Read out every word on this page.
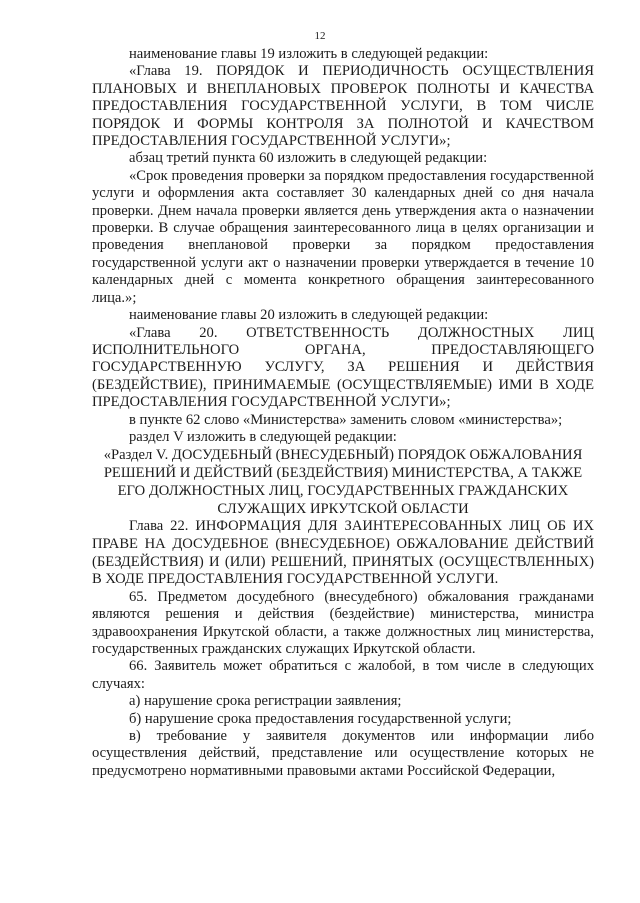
12

наименование главы 19 изложить в следующей редакции:

«Глава 19. ПОРЯДОК И ПЕРИОДИЧНОСТЬ ОСУЩЕСТВЛЕНИЯ ПЛАНОВЫХ И ВНЕПЛАНОВЫХ ПРОВЕРОК ПОЛНОТЫ И КАЧЕСТВА ПРЕДОСТАВЛЕНИЯ ГОСУДАРСТВЕННОЙ УСЛУГИ, В ТОМ ЧИСЛЕ ПОРЯДОК И ФОРМЫ КОНТРОЛЯ ЗА ПОЛНОТОЙ И КАЧЕСТВОМ ПРЕДОСТАВЛЕНИЯ ГОСУДАРСТВЕННОЙ УСЛУГИ»;

абзац третий пункта 60 изложить в следующей редакции:

«Срок проведения проверки за порядком предоставления государственной услуги и оформления акта составляет 30 календарных дней со дня начала проверки. Днем начала проверки является день утверждения акта о назначении проверки. В случае обращения заинтересованного лица в целях организации и проведения внеплановой проверки за порядком предоставления государственной услуги акт о назначении проверки утверждается в течение 10 календарных дней с момента конкретного обращения заинтересованного лица.»;

наименование главы 20 изложить в следующей редакции:

«Глава 20. ОТВЕТСТВЕННОСТЬ ДОЛЖНОСТНЫХ ЛИЦ ИСПОЛНИТЕЛЬНОГО ОРГАНА, ПРЕДОСТАВЛЯЮЩЕГО ГОСУДАРСТВЕННУЮ УСЛУГУ, ЗА РЕШЕНИЯ И ДЕЙСТВИЯ (БЕЗДЕЙСТВИЕ), ПРИНИМАЕМЫЕ (ОСУЩЕСТВЛЯЕМЫЕ) ИМИ В ХОДЕ ПРЕДОСТАВЛЕНИЯ ГОСУДАРСТВЕННОЙ УСЛУГИ»;

в пункте 62 слово «Министерства» заменить словом «министерства»;

раздел V изложить в следующей редакции:

«Раздел V. ДОСУДЕБНЫЙ (ВНЕСУДЕБНЫЙ) ПОРЯДОК ОБЖАЛОВАНИЯ РЕШЕНИЙ И ДЕЙСТВИЙ (БЕЗДЕЙСТВИЯ) МИНИСТЕРСТВА, А ТАКЖЕ ЕГО ДОЛЖНОСТНЫХ ЛИЦ, ГОСУДАРСТВЕННЫХ ГРАЖДАНСКИХ СЛУЖАЩИХ ИРКУТСКОЙ ОБЛАСТИ

Глава 22. ИНФОРМАЦИЯ ДЛЯ ЗАИНТЕРЕСОВАННЫХ ЛИЦ ОБ ИХ ПРАВЕ НА ДОСУДЕБНОЕ (ВНЕСУДЕБНОЕ) ОБЖАЛОВАНИЕ ДЕЙСТВИЙ (БЕЗДЕЙСТВИЯ) И (ИЛИ) РЕШЕНИЙ, ПРИНЯТЫХ (ОСУЩЕСТВЛЕННЫХ) В ХОДЕ ПРЕДОСТАВЛЕНИЯ ГОСУДАРСТВЕННОЙ УСЛУГИ.

65. Предметом досудебного (внесудебного) обжалования гражданами являются решения и действия (бездействие) министерства, министра здравоохранения Иркутской области, а также должностных лиц министерства, государственных гражданских служащих Иркутской области.

66. Заявитель может обратиться с жалобой, в том числе в следующих случаях:

а) нарушение срока регистрации заявления;

б) нарушение срока предоставления государственной услуги;

в) требование у заявителя документов или информации либо осуществления действий, представление или осуществление которых не предусмотрено нормативными правовыми актами Российской Федерации,
